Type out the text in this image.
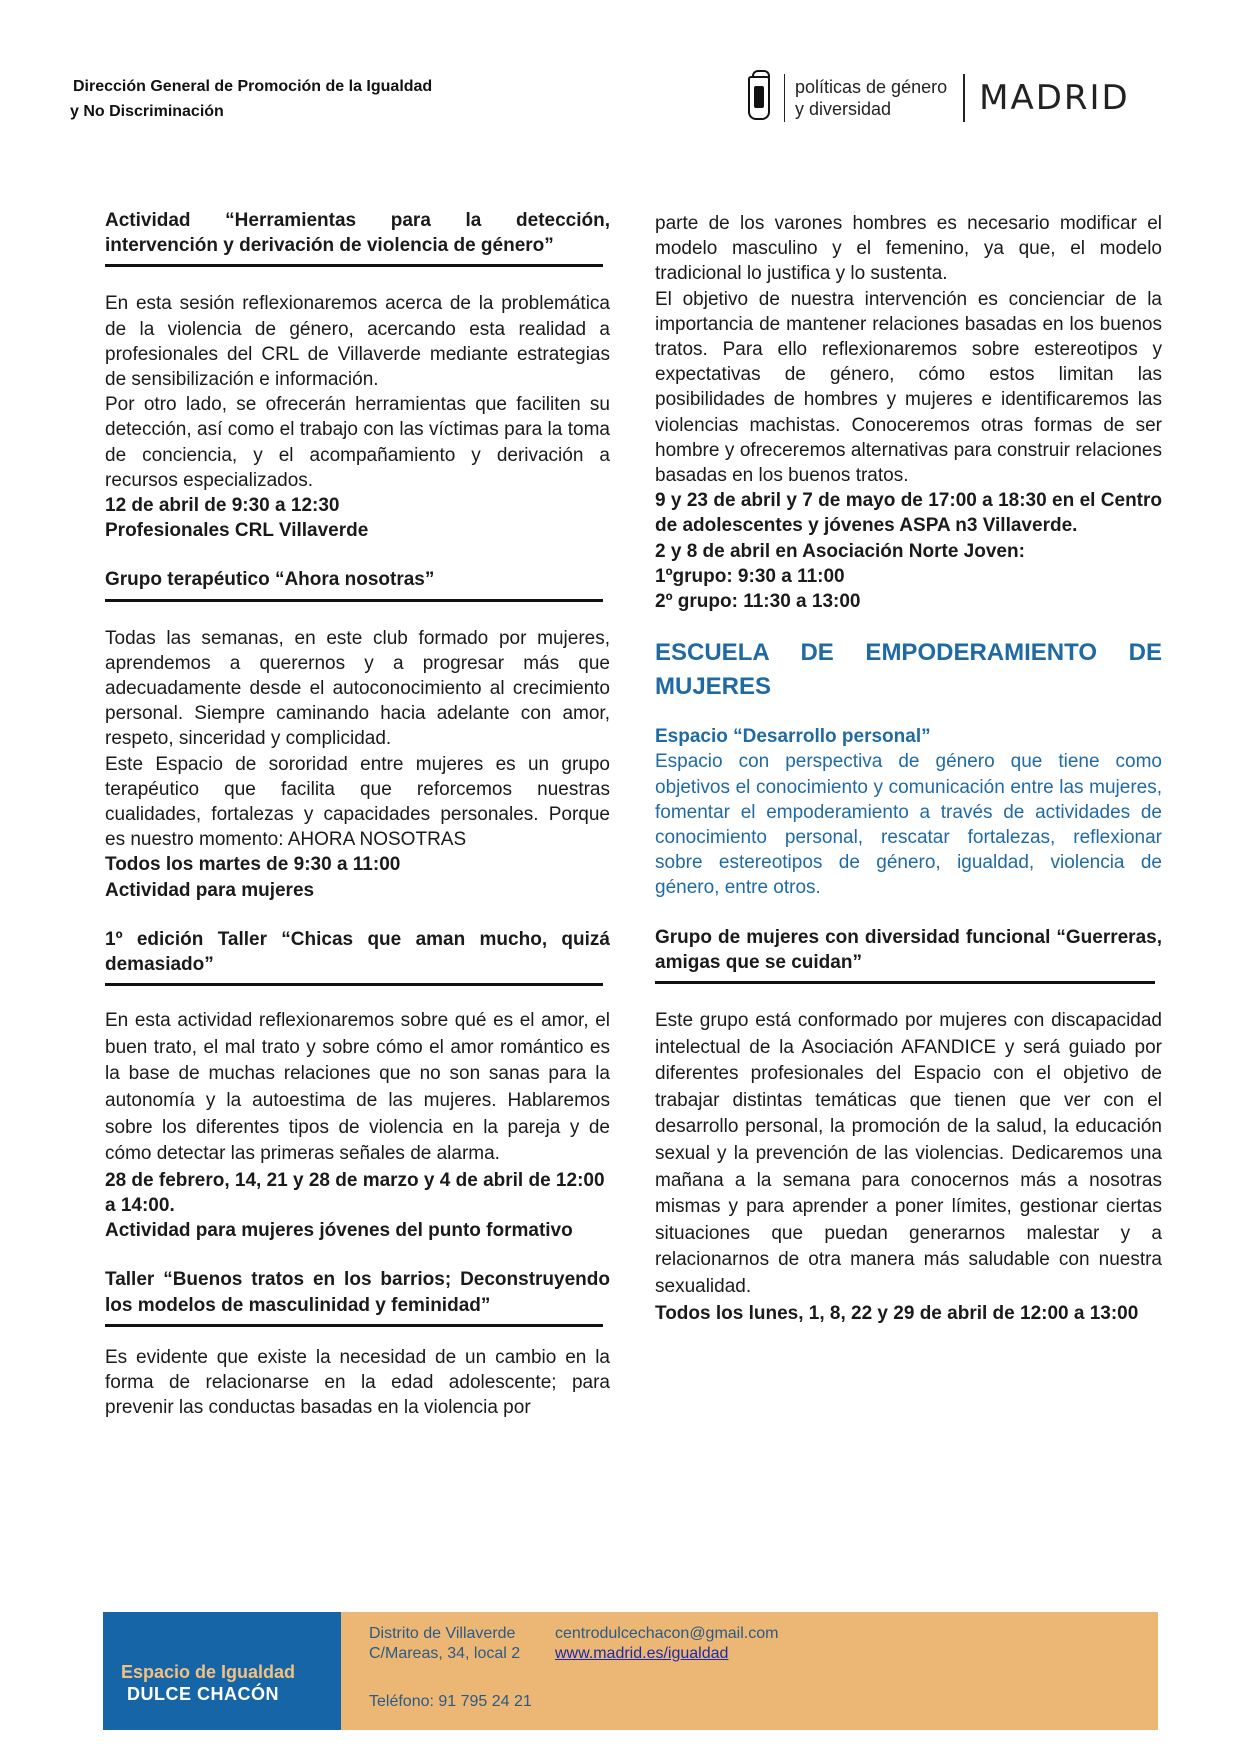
Dirección General de Promoción de la Igualdad
y No Discriminación
políticas de género
y diversidad	MADRID

Actividad “Herramientas para la detección, intervención y derivación de violencia de género”

En esta sesión reflexionaremos acerca de la problemática de la violencia de género, acercando esta realidad a profesionales del CRL de Villaverde mediante estrategias de sensibilización e información.

Por otro lado, se ofrecerán herramientas que faciliten su detección, así como el trabajo con las víctimas para la toma de conciencia, y el acompañamiento y derivación a recursos especializados.

12 de abril de 9:30 a 12:30

Profesionales CRL Villaverde

Grupo terapéutico “Ahora nosotras”

Todas las semanas, en este club formado por mujeres, aprendemos a querernos y a progresar más que adecuadamente desde el autoconocimiento al crecimiento personal. Siempre caminando hacia adelante con amor, respeto, sinceridad y complicidad.

Este Espacio de sororidad entre mujeres es un grupo terapéutico que facilita que reforcemos nuestras cualidades, fortalezas y capacidades personales. Porque es nuestro momento: AHORA NOSOTRAS

Todos los martes de 9:30 a 11:00

Actividad para mujeres

1º edición Taller “Chicas que aman mucho, quizá demasiado”

En esta actividad reflexionaremos sobre qué es el amor, el buen trato, el mal trato y sobre cómo el amor romántico es la base de muchas relaciones que no son sanas para la autonomía y la autoestima de las mujeres. Hablaremos sobre los diferentes tipos de violencia en la pareja y de cómo detectar las primeras señales de alarma.

28 de febrero, 14, 21 y 28 de marzo y 4 de abril de 12:00 a 14:00.

Actividad para mujeres jóvenes del punto formativo

Taller “Buenos tratos en los barrios; Deconstruyendo los modelos de masculinidad y feminidad”

Es evidente que existe la necesidad de un cambio en la forma de relacionarse en la edad adolescente; para prevenir las conductas basadas en la violencia por

parte de los varones hombres es necesario modificar el modelo masculino y el femenino, ya que, el modelo tradicional lo justifica y lo sustenta.

El objetivo de nuestra intervención es concienciar de la importancia de mantener relaciones basadas en los buenos tratos. Para ello reflexionaremos sobre estereotipos y expectativas de género, cómo estos limitan las posibilidades de hombres y mujeres e identificaremos las violencias machistas. Conoceremos otras formas de ser hombre y ofreceremos alternativas para construir relaciones basadas en los buenos tratos.

9 y 23 de abril y 7 de mayo de 17:00 a 18:30 en el Centro de adolescentes y jóvenes ASPA n3 Villaverde.

2 y 8 de abril en Asociación Norte Joven:

1ºgrupo: 9:30 a 11:00

2º grupo: 11:30 a 13:00

ESCUELA DE EMPODERAMIENTO DE MUJERES

Espacio “Desarrollo personal”

Espacio con perspectiva de género que tiene como objetivos el conocimiento y comunicación entre las mujeres, fomentar el empoderamiento a través de actividades de conocimiento personal, rescatar fortalezas, reflexionar sobre estereotipos de género, igualdad, violencia de género, entre otros.

Grupo de mujeres con diversidad funcional “Guerreras, amigas que se cuidan”

Este grupo está conformado por mujeres con discapacidad intelectual de la Asociación AFANDICE y será guiado por diferentes profesionales del Espacio con el objetivo de trabajar distintas temáticas que tienen que ver con el desarrollo personal, la promoción de la salud, la educación sexual y la prevención de las violencias. Dedicaremos una mañana a la semana para conocernos más a nosotras mismas y para aprender a poner límites, gestionar ciertas situaciones que puedan generarnos malestar y a relacionarnos de otra manera más saludable con nuestra sexualidad.

Todos los lunes, 1, 8, 22 y 29 de abril de 12:00 a 13:00

Espacio de Igualdad
DULCE CHACÓN
Distrito de Villaverde
C/Mareas, 34, local 2
Teléfono: 91 795 24 21
centrodulcechacon@gmail.com
www.madrid.es/igualdad
